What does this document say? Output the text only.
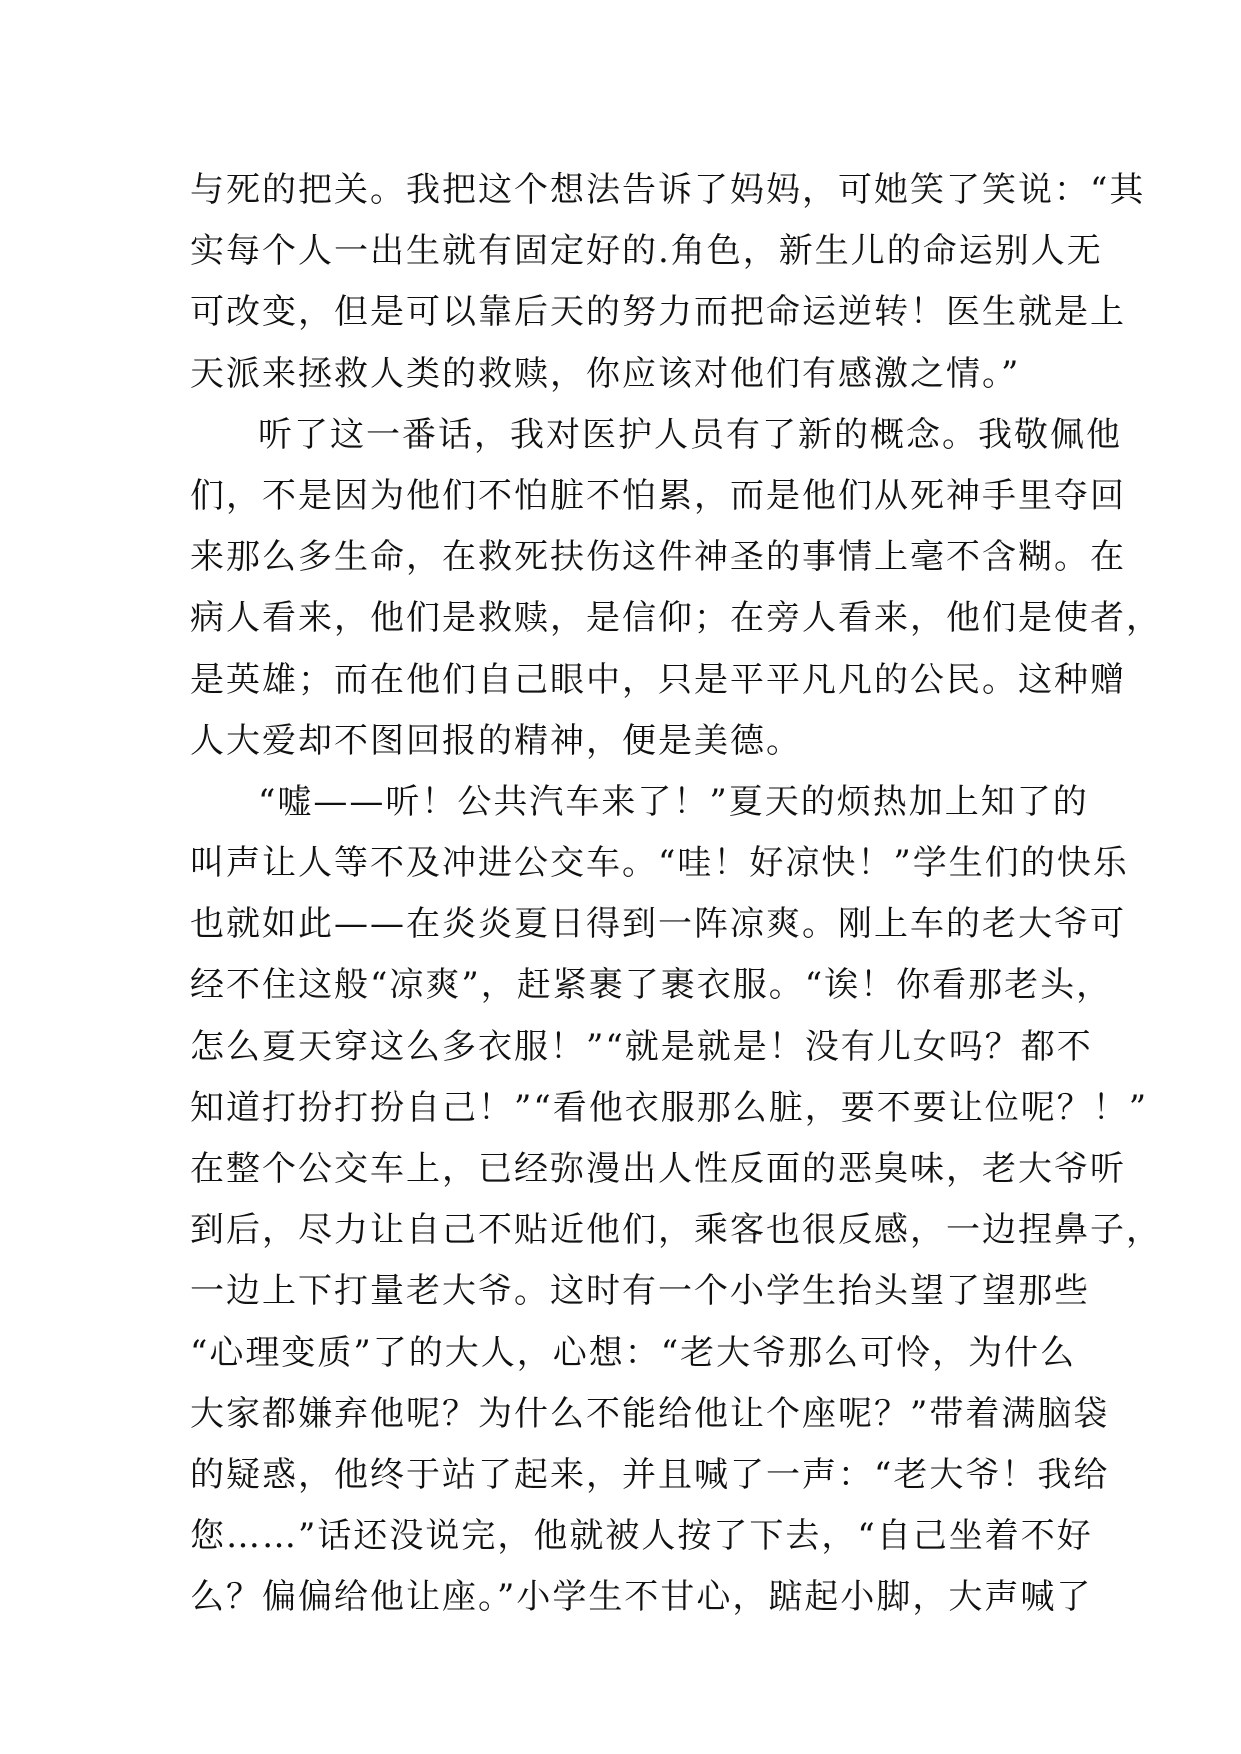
与死的把关。我把这个想法告诉了妈妈，可她笑了笑说：“其
实每个人一出生就有固定好的.角色，新生儿的命运别人无
可改变，但是可以靠后天的努力而把命运逆转！医生就是上
天派来拯救人类的救赎，你应该对他们有感激之情。”
听了这一番话，我对医护人员有了新的概念。我敬佩他
们，不是因为他们不怕脏不怕累，而是他们从死神手里夺回
来那么多生命，在救死扶伤这件神圣的事情上毫不含糊。在
病人看来，他们是救赎，是信仰；在旁人看来，他们是使者，
是英雄；而在他们自己眼中，只是平平凡凡的公民。这种赠
人大爱却不图回报的精神，便是美德。
“嘘——听！公共汽车来了！”夏天的烦热加上知了的
叫声让人等不及冲进公交车。“哇！好凉快！”学生们的快乐
也就如此——在炎炎夏日得到一阵凉爽。刚上车的老大爷可
经不住这般“凉爽”，赶紧裹了裹衣服。“诶！你看那老头，
怎么夏天穿这么多衣服！”“就是就是！没有儿女吗？都不
知道打扮打扮自己！”“看他衣服那么脏，要不要让位呢？！”
在整个公交车上，已经弥漫出人性反面的恶臭味，老大爷听
到后，尽力让自己不贴近他们，乘客也很反感，一边捏鼻子，
一边上下打量老大爷。这时有一个小学生抬头望了望那些
“心理变质”了的大人，心想：“老大爷那么可怜，为什么
大家都嫌弃他呢？为什么不能给他让个座呢？”带着满脑袋
的疑惑，他终于站了起来，并且喊了一声：“老大爷！我给
您……”话还没说完，他就被人按了下去，“自己坐着不好
么？偏偏给他让座。”小学生不甘心，踮起小脚，大声喊了
